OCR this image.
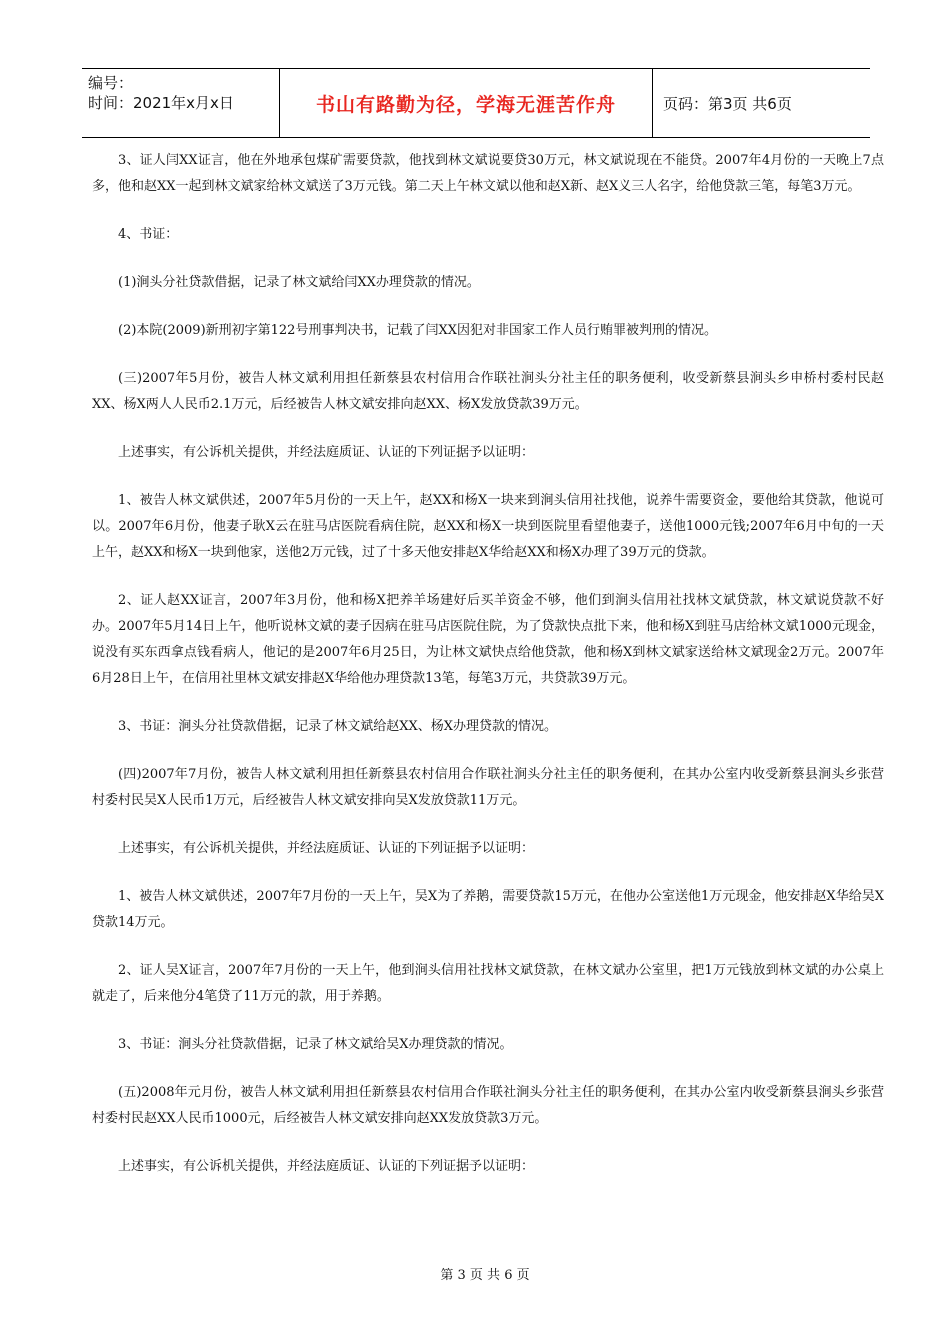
编号：
时间：2021年x月x日	书山有路勤为径，学海无涯苦作舟	页码：第3页 共6页

3、证人闫XX证言，他在外地承包煤矿需要贷款，他找到林文斌说要贷30万元，林文斌说现在不能贷。2007年4月份的一天晚上7点多，他和赵XX一起到林文斌家给林文斌送了3万元钱。第二天上午林文斌以他和赵X新、赵X义三人名字，给他贷款三笔，每笔3万元。

4、书证：

(1)涧头分社贷款借据，记录了林文斌给闫XX办理贷款的情况。

(2)本院(2009)新刑初字第122号刑事判决书，记载了闫XX因犯对非国家工作人员行贿罪被判刑的情况。

(三)2007年5月份，被告人林文斌利用担任新蔡县农村信用合作联社涧头分社主任的职务便利，收受新蔡县涧头乡申桥村委村民赵XX、杨X两人人民币2.1万元，后经被告人林文斌安排向赵XX、杨X发放贷款39万元。

上述事实，有公诉机关提供，并经法庭质证、认证的下列证据予以证明：

1、被告人林文斌供述，2007年5月份的一天上午，赵XX和杨X一块来到涧头信用社找他，说养牛需要资金，要他给其贷款，他说可以。2007年6月份，他妻子耿X云在驻马店医院看病住院，赵XX和杨X一块到医院里看望他妻子，送他1000元钱;2007年6月中旬的一天上午，赵XX和杨X一块到他家，送他2万元钱，过了十多天他安排赵X华给赵XX和杨X办理了39万元的贷款。

2、证人赵XX证言，2007年3月份，他和杨X把养羊场建好后买羊资金不够，他们到涧头信用社找林文斌贷款，林文斌说贷款不好办。2007年5月14日上午，他听说林文斌的妻子因病在驻马店医院住院，为了贷款快点批下来，他和杨X到驻马店给林文斌1000元现金，说没有买东西拿点钱看病人，他记的是2007年6月25日，为让林文斌快点给他贷款，他和杨X到林文斌家送给林文斌现金2万元。2007年6月28日上午，在信用社里林文斌安排赵X华给他办理贷款13笔，每笔3万元，共贷款39万元。

3、书证：涧头分社贷款借据，记录了林文斌给赵XX、杨X办理贷款的情况。

(四)2007年7月份，被告人林文斌利用担任新蔡县农村信用合作联社涧头分社主任的职务便利，在其办公室内收受新蔡县涧头乡张营村委村民吴X人民币1万元，后经被告人林文斌安排向吴X发放贷款11万元。

上述事实，有公诉机关提供，并经法庭质证、认证的下列证据予以证明：

1、被告人林文斌供述，2007年7月份的一天上午，吴X为了养鹅，需要贷款15万元，在他办公室送他1万元现金，他安排赵X华给吴X贷款14万元。

2、证人吴X证言，2007年7月份的一天上午，他到涧头信用社找林文斌贷款，在林文斌办公室里，把1万元钱放到林文斌的办公桌上就走了，后来他分4笔贷了11万元的款，用于养鹅。

3、书证：涧头分社贷款借据，记录了林文斌给吴X办理贷款的情况。

(五)2008年元月份，被告人林文斌利用担任新蔡县农村信用合作联社涧头分社主任的职务便利，在其办公室内收受新蔡县涧头乡张营村委村民赵XX人民币1000元，后经被告人林文斌安排向赵XX发放贷款3万元。

上述事实，有公诉机关提供，并经法庭质证、认证的下列证据予以证明：

第 3 页 共 6 页
